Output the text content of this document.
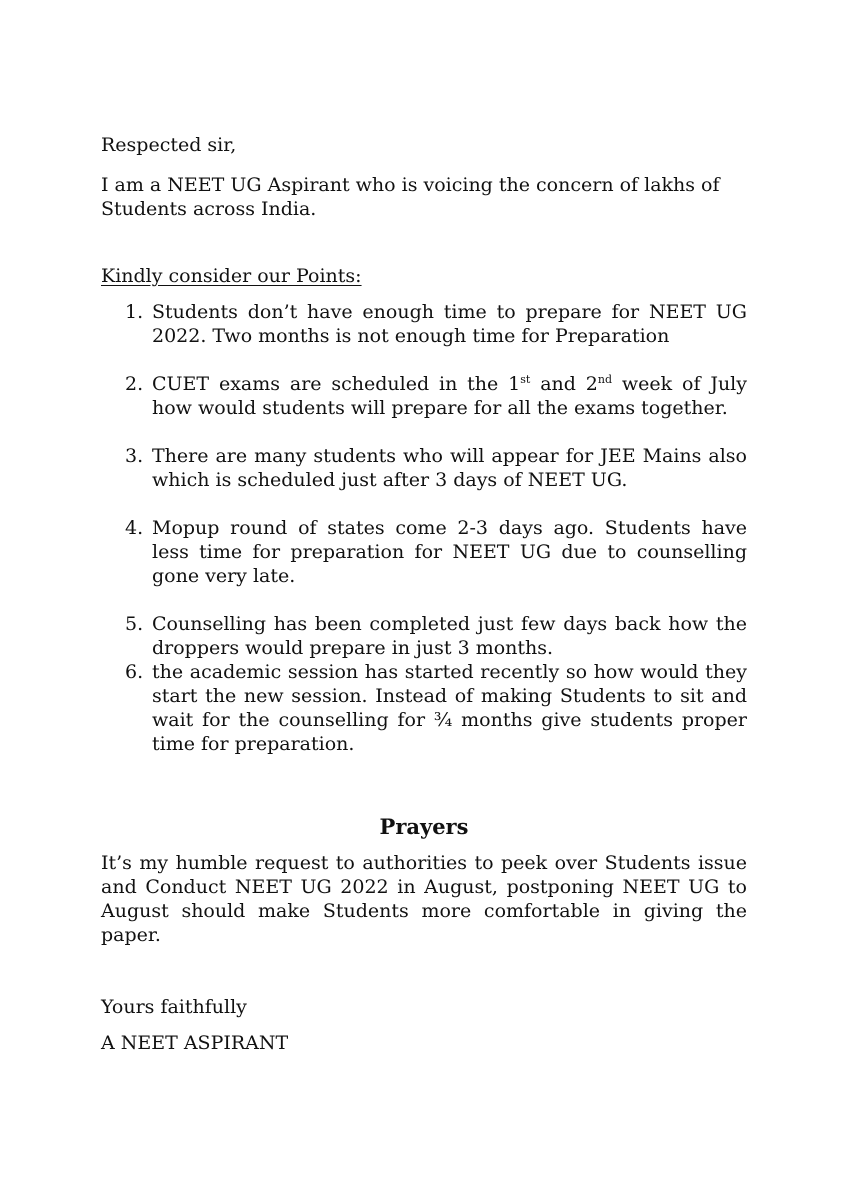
Respected sir,
I am a NEET UG Aspirant who is voicing the concern of lakhs of Students across India.
Kindly consider our Points:
1. Students don’t have enough time to prepare for NEET UG 2022. Two months is not enough time for Preparation
2. CUET exams are scheduled in the 1st and 2nd week of July how would students will prepare for all the exams together.
3. There are many students who will appear for JEE Mains also which is scheduled just after 3 days of NEET UG.
4. Mopup round of states come 2-3 days ago. Students have less time for preparation for NEET UG due to counselling gone very late.
5. Counselling has been completed just few days back how the droppers would prepare in just 3 months.
6. the academic session has started recently so how would they start the new session. Instead of making Students to sit and wait for the counselling for ¾ months give students proper time for preparation.
Prayers
It’s my humble request to authorities to peek over Students issue and Conduct NEET UG 2022 in August, postponing NEET UG to August should make Students more comfortable in giving the paper.
Yours faithfully
A NEET ASPIRANT
